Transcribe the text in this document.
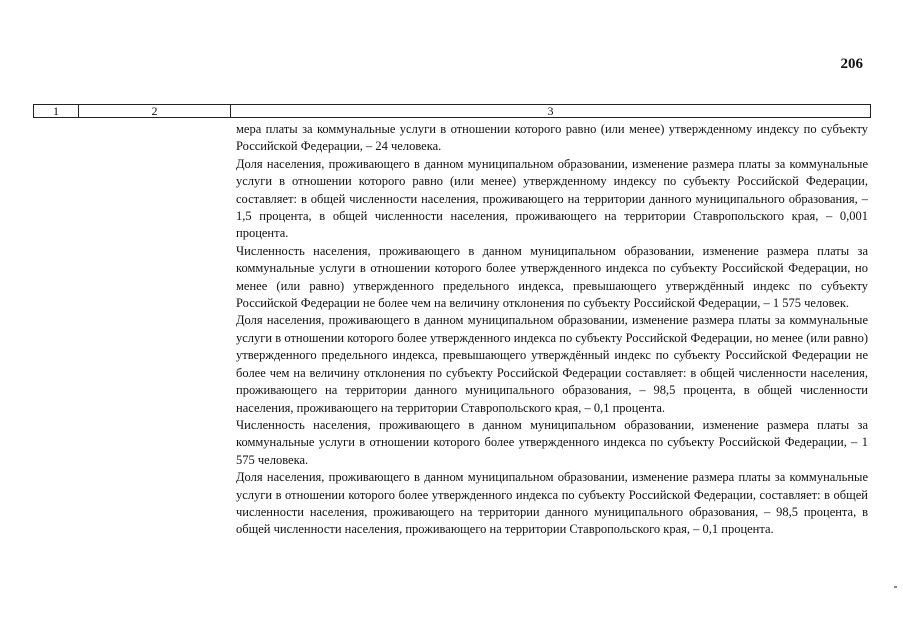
206
1	2	3

мера платы за коммунальные услуги в отношении которого равно (или менее) утвержденному индексу по субъекту Российской Федерации, – 24 человека.

Доля населения, проживающего в данном муниципальном образовании, изменение размера платы за коммунальные услуги в отношении которого равно (или менее) утвержденному индексу по субъекту Российской Федерации, составляет: в общей численности населения, проживающего на территории данного муниципального образования, – 1,5 процента, в общей численности населения, проживающего на территории Ставропольского края, – 0,001 процента.

Численность населения, проживающего в данном муниципальном образовании, изменение размера платы за коммунальные услуги в отношении которого более утвержденного индекса по субъекту Российской Федерации, но менее (или равно) утвержденного предельного индекса, превышающего утверждённый индекс по субъекту Российской Федерации не более чем на величину отклонения по субъекту Российской Федерации, – 1 575 человек.

Доля населения, проживающего в данном муниципальном образовании, изменение размера платы за коммунальные услуги в отношении которого более утвержденного индекса по субъекту Российской Федерации, но менее (или равно) утвержденного предельного индекса, превышающего утверждённый индекс по субъекту Российской Федерации не более чем на величину отклонения по субъекту Российской Федерации составляет: в общей численности населения, проживающего на территории данного муниципального образования, – 98,5 процента, в общей численности населения, проживающего на территории Ставропольского края, – 0,1 процента.

Численность населения, проживающего в данном муниципальном образовании, изменение размера платы за коммунальные услуги в отношении которого более утвержденного индекса по субъекту Российской Федерации, – 1 575 человека.

Доля населения, проживающего в данном муниципальном образовании, изменение размера платы за коммунальные услуги в отношении которого более утвержденного индекса по субъекту Российской Федерации, составляет: в общей численности населения, проживающего на территории данного муниципального образования, – 98,5 процента, в общей численности населения, проживающего на территории Ставропольского края, – 0,1 процента.
